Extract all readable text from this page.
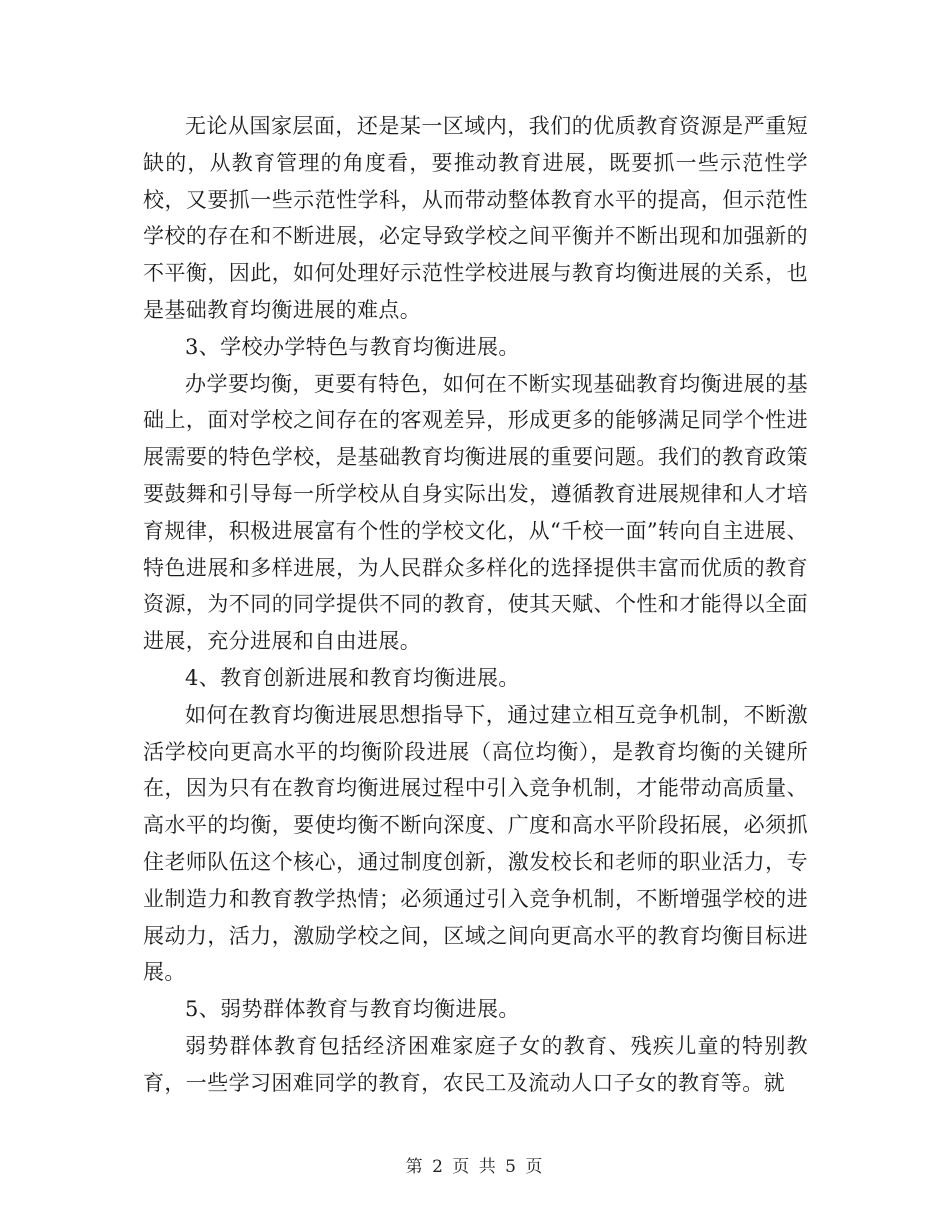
无论从国家层面，还是某一区域内，我们的优质教育资源是严重短缺的，从教育管理的角度看，要推动教育进展，既要抓一些示范性学校，又要抓一些示范性学科，从而带动整体教育水平的提高，但示范性学校的存在和不断进展，必定导致学校之间平衡并不断出现和加强新的不平衡，因此，如何处理好示范性学校进展与教育均衡进展的关系，也是基础教育均衡进展的难点。

3、学校办学特色与教育均衡进展。

办学要均衡，更要有特色，如何在不断实现基础教育均衡进展的基础上，面对学校之间存在的客观差异，形成更多的能够满足同学个性进展需要的特色学校，是基础教育均衡进展的重要问题。我们的教育政策要鼓舞和引导每一所学校从自身实际出发，遵循教育进展规律和人才培育规律，积极进展富有个性的学校文化，从“千校一面”转向自主进展、特色进展和多样进展，为人民群众多样化的选择提供丰富而优质的教育资源，为不同的同学提供不同的教育，使其天赋、个性和才能得以全面进展，充分进展和自由进展。

4、教育创新进展和教育均衡进展。

如何在教育均衡进展思想指导下，通过建立相互竞争机制，不断激活学校向更高水平的均衡阶段进展（高位均衡），是教育均衡的关键所在，因为只有在教育均衡进展过程中引入竞争机制，才能带动高质量、高水平的均衡，要使均衡不断向深度、广度和高水平阶段拓展，必须抓住老师队伍这个核心，通过制度创新，激发校长和老师的职业活力，专业制造力和教育教学热情；必须通过引入竞争机制，不断增强学校的进展动力，活力，激励学校之间，区域之间向更高水平的教育均衡目标进展。

5、弱势群体教育与教育均衡进展。

弱势群体教育包括经济困难家庭子女的教育、残疾儿童的特别教育，一些学习困难同学的教育，农民工及流动人口子女的教育等。就

第 2 页 共 5 页
